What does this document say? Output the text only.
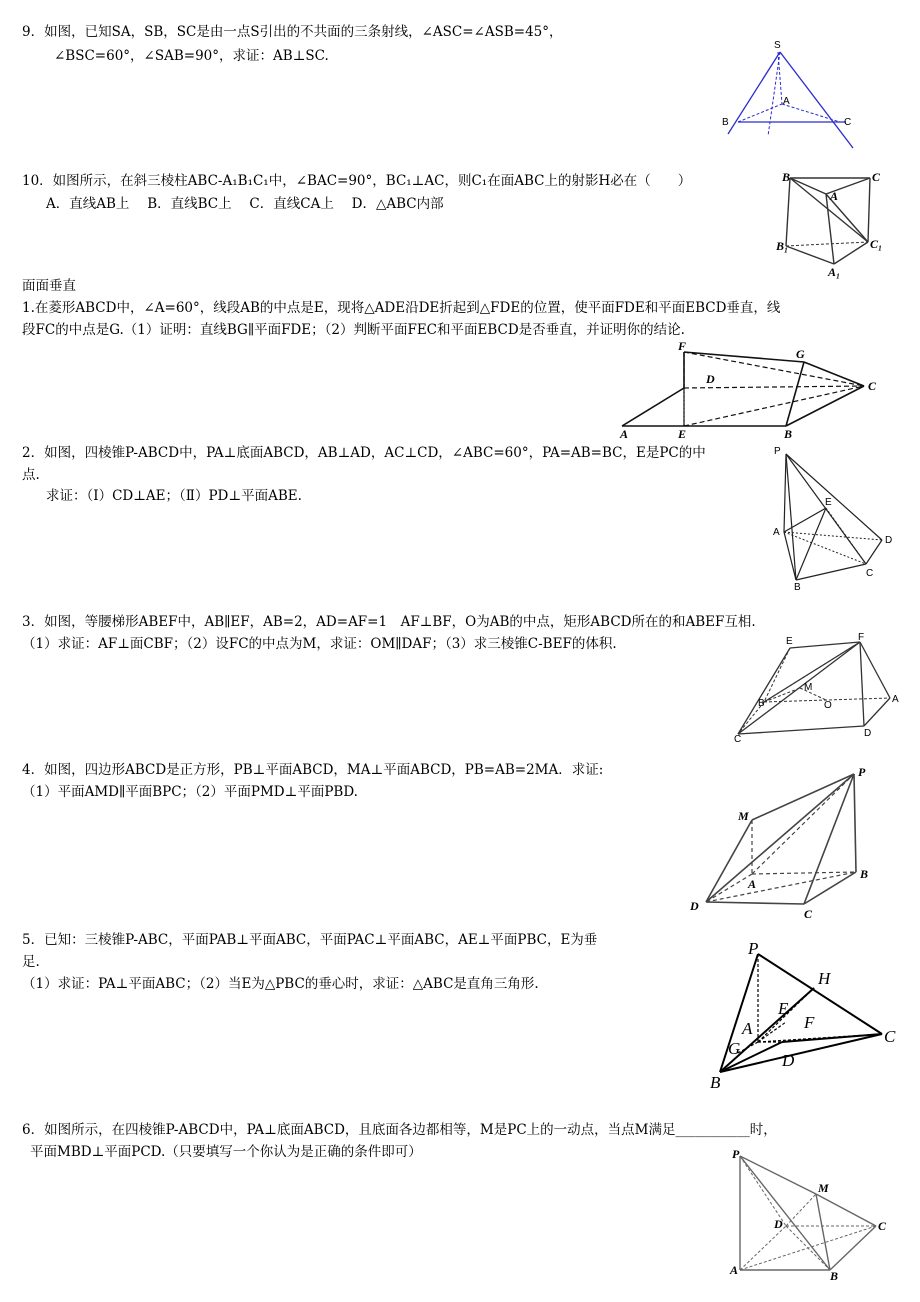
9．如图，已知SA，SB，SC是由一点S引出的不共面的三条射线，∠ASC=∠ASB=45°，
∠BSC=60°，∠SAB=90°，求证：AB⊥SC.
S
A
B	C
10．如图所示，在斜三棱柱ABC-A₁B₁C₁中，∠BAC=90°，BC₁⊥AC，则C₁在面ABC上的射影H必在（　　）
A．直线AB上　 B．直线BC上　 C．直线CA上　 D．△ABC内部
B	C
A
B₁	C₁
A₁
面面垂直
1.在菱形ABCD中，∠A=60°，线段AB的中点是E，现将△ADE沿DE折起到△FDE的位置，使平面FDE和平面EBCD垂直，线
段FC的中点是G.（1）证明：直线BG∥平面FDE；（2）判断平面FEC和平面EBCD是否垂直，并证明你的结论.
F
G
D	C
A	E	B
2．如图，四棱锥P-ABCD中，PA⊥底面ABCD，AB⊥AD，AC⊥CD，∠ABC=60°，PA=AB=BC，E是PC的中
点.
求证：（Ⅰ）CD⊥AE；（Ⅱ）PD⊥平面ABE.
P
E
A
D
C
B
3．如图，等腰梯形ABEF中，AB∥EF，AB=2，AD=AF=1　AF⊥BF，O为AB的中点，矩形ABCD所在的和ABEF互相.
（1）求证：AF⊥面CBF；（2）设FC的中点为M，求证：OM∥DAF；（3）求三棱锥C-BEF的体积.	E	F
M
B	O
A
C
D
4．如图，四边形ABCD是正方形，PB⊥平面ABCD，MA⊥平面ABCD，PB=AB=2MA．求证:
（1）平面AMD∥平面BPC；（2）平面PMD⊥平面PBD.
P
M
A
B
D
C
5．已知：三棱锥P-ABC，平面PAB⊥平面ABC，平面PAC⊥平面ABC，AE⊥平面PBC，E为垂
足.
（1）求证：PA⊥平面ABC；（2）当E为△PBC的垂心时，求证：△ABC是直角三角形.
P
H
E
A	F
G
D
C
B
6．如图所示，在四棱锥P-ABCD中，PA⊥底面ABCD，且底面各边都相等，M是PC上的一动点，当点M满足___________时，
平面MBD⊥平面PCD.（只要填写一个你认为是正确的条件即可）	P
M
D	C
A	B
